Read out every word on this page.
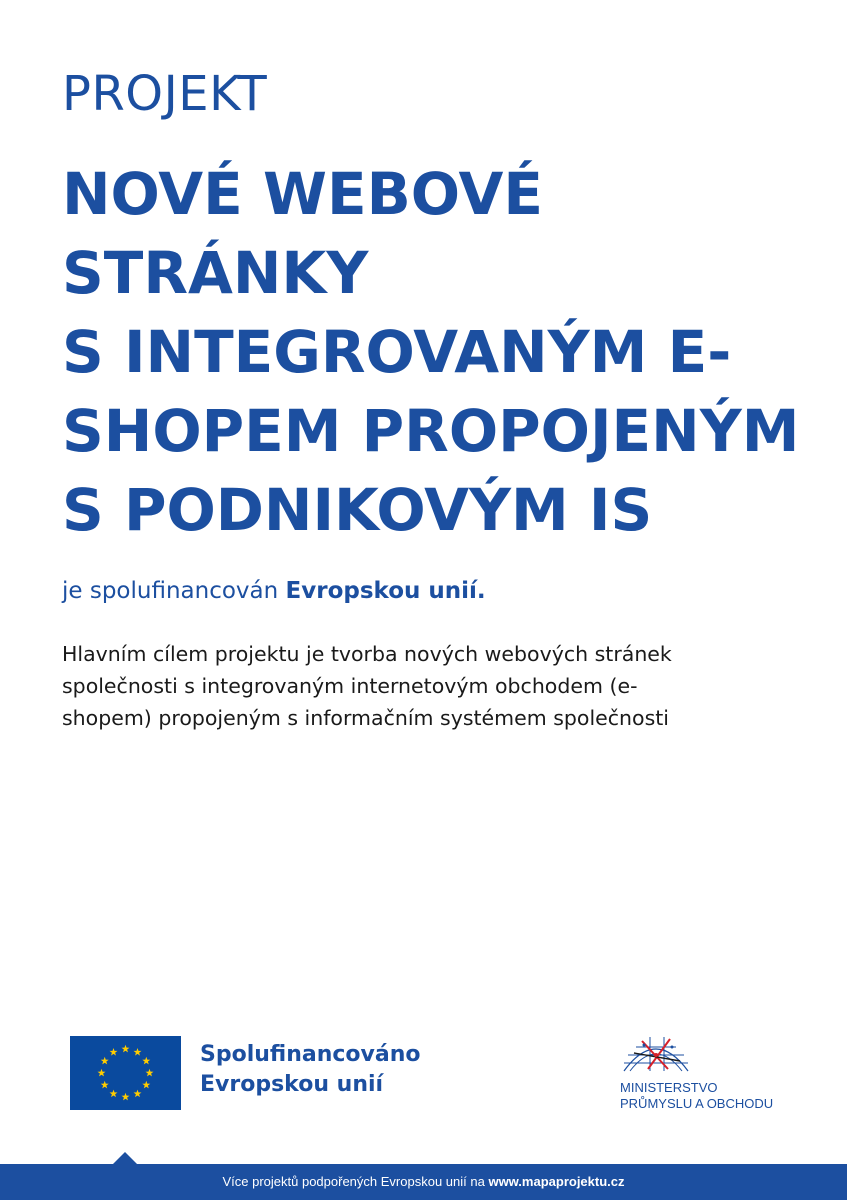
PROJEKT
NOVÉ WEBOVÉ
STRÁNKY
S INTEGROVANÝM E-
SHOPEM PROPOJENÝM
S PODNIKOVÝM IS
je spolufinancován Evropskou unií.
Hlavním cílem projektu je tvorba nových webových stránek
společnosti s integrovaným internetovým obchodem (e-
shopem) propojeným s informačním systémem společnosti
Spolufinancováno
Evropskou unií	MINISTERSTVO
PRŮMYSLU A OBCHODU
Více projektů podpořených Evropskou unií na www.mapaprojektu.cz
